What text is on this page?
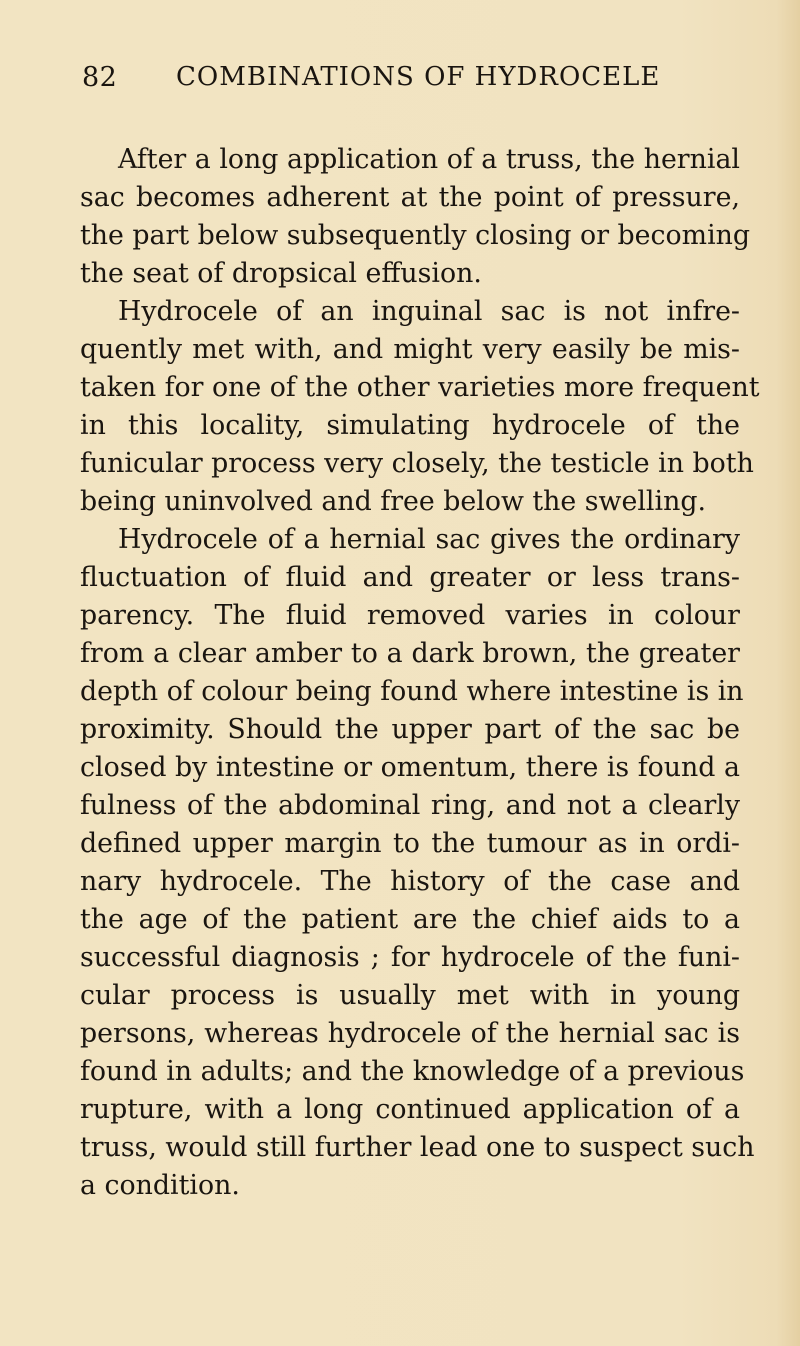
82 COMBINATIONS OF HYDROCELE
After a long application of a truss, the hernial
sac becomes adherent at the point of pressure,
the part below subsequently closing or becoming
the seat of dropsical effusion.
Hydrocele of an inguinal sac is not infre-
quently met with, and might very easily be mis-
taken for one of the other varieties more frequent
in this locality, simulating hydrocele of the
funicular process very closely, the testicle in both
being uninvolved and free below the swelling.
Hydrocele of a hernial sac gives the ordinary
fluctuation of fluid and greater or less trans-
parency. The fluid removed varies in colour
from a clear amber to a dark brown, the greater
depth of colour being found where intestine is in
proximity. Should the upper part of the sac be
closed by intestine or omentum, there is found a
fulness of the abdominal ring, and not a clearly
defined upper margin to the tumour as in ordi-
nary hydrocele. The history of the case and
the age of the patient are the chief aids to a
successful diagnosis ; for hydrocele of the funi-
cular process is usually met with in young
persons, whereas hydrocele of the hernial sac is
found in adults; and the knowledge of a previous
rupture, with a long continued application of a
truss, would still further lead one to suspect such
a condition.
